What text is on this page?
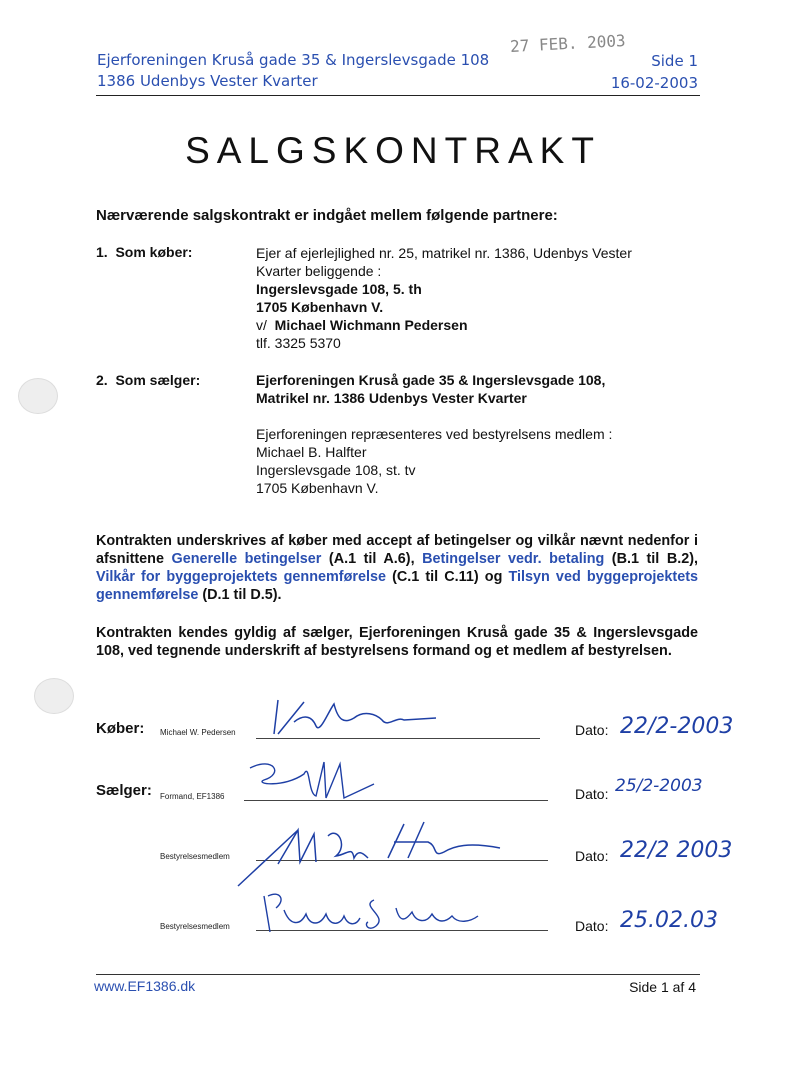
27 FEB. 2003
Ejerforeningen Kruså gade 35 & Ingerslevsgade 108
1386 Udenbys Vester Kvarter
Side 1
16-02-2003
SALGSKONTRAKT
Nærværende salgskontrakt er indgået mellem følgende partnere:
1.  Som køber:	Ejer af ejerlejlighed nr. 25, matrikel nr. 1386, Udenbys Vester
Kvarter beliggende :
Ingerslevsgade 108, 5. th
1705 København V.
v/ Michael Wichmann Pedersen
tlf. 3325 5370
2.  Som sælger:	Ejerforeningen Kruså gade 35 & Ingerslevsgade 108,
Matrikel nr. 1386 Udenbys Vester Kvarter
Ejerforeningen repræsenteres ved bestyrelsens medlem :
Michael B. Halfter
Ingerslevsgade 108, st. tv
1705 København V.
Kontrakten underskrives af køber med accept af betingelser og vilkår nævnt nedenfor i afsnittene Generelle betingelser (A.1 til A.6), Betingelser vedr. betaling (B.1 til B.2), Vilkår for byggeprojektets gennemførelse (C.1 til C.11) og Tilsyn ved byggeprojektets gennemførelse (D.1 til D.5).
Kontrakten kendes gyldig af sælger, Ejerforeningen Kruså gade 35 & Ingerslevsgade 108, ved tegnende underskrift af bestyrelsens formand og et medlem af bestyrelsen.
Køber: Michael W. Pedersen	Dato: 22/2-2003
Sælger: Formand, EF1386	Dato: 25/2-2003
Bestyrelsesmedlem	Dato: 22/2 2003
Bestyrelsesmedlem	Dato: 25.02.03
www.EF1386.dk	Side 1 af 4
